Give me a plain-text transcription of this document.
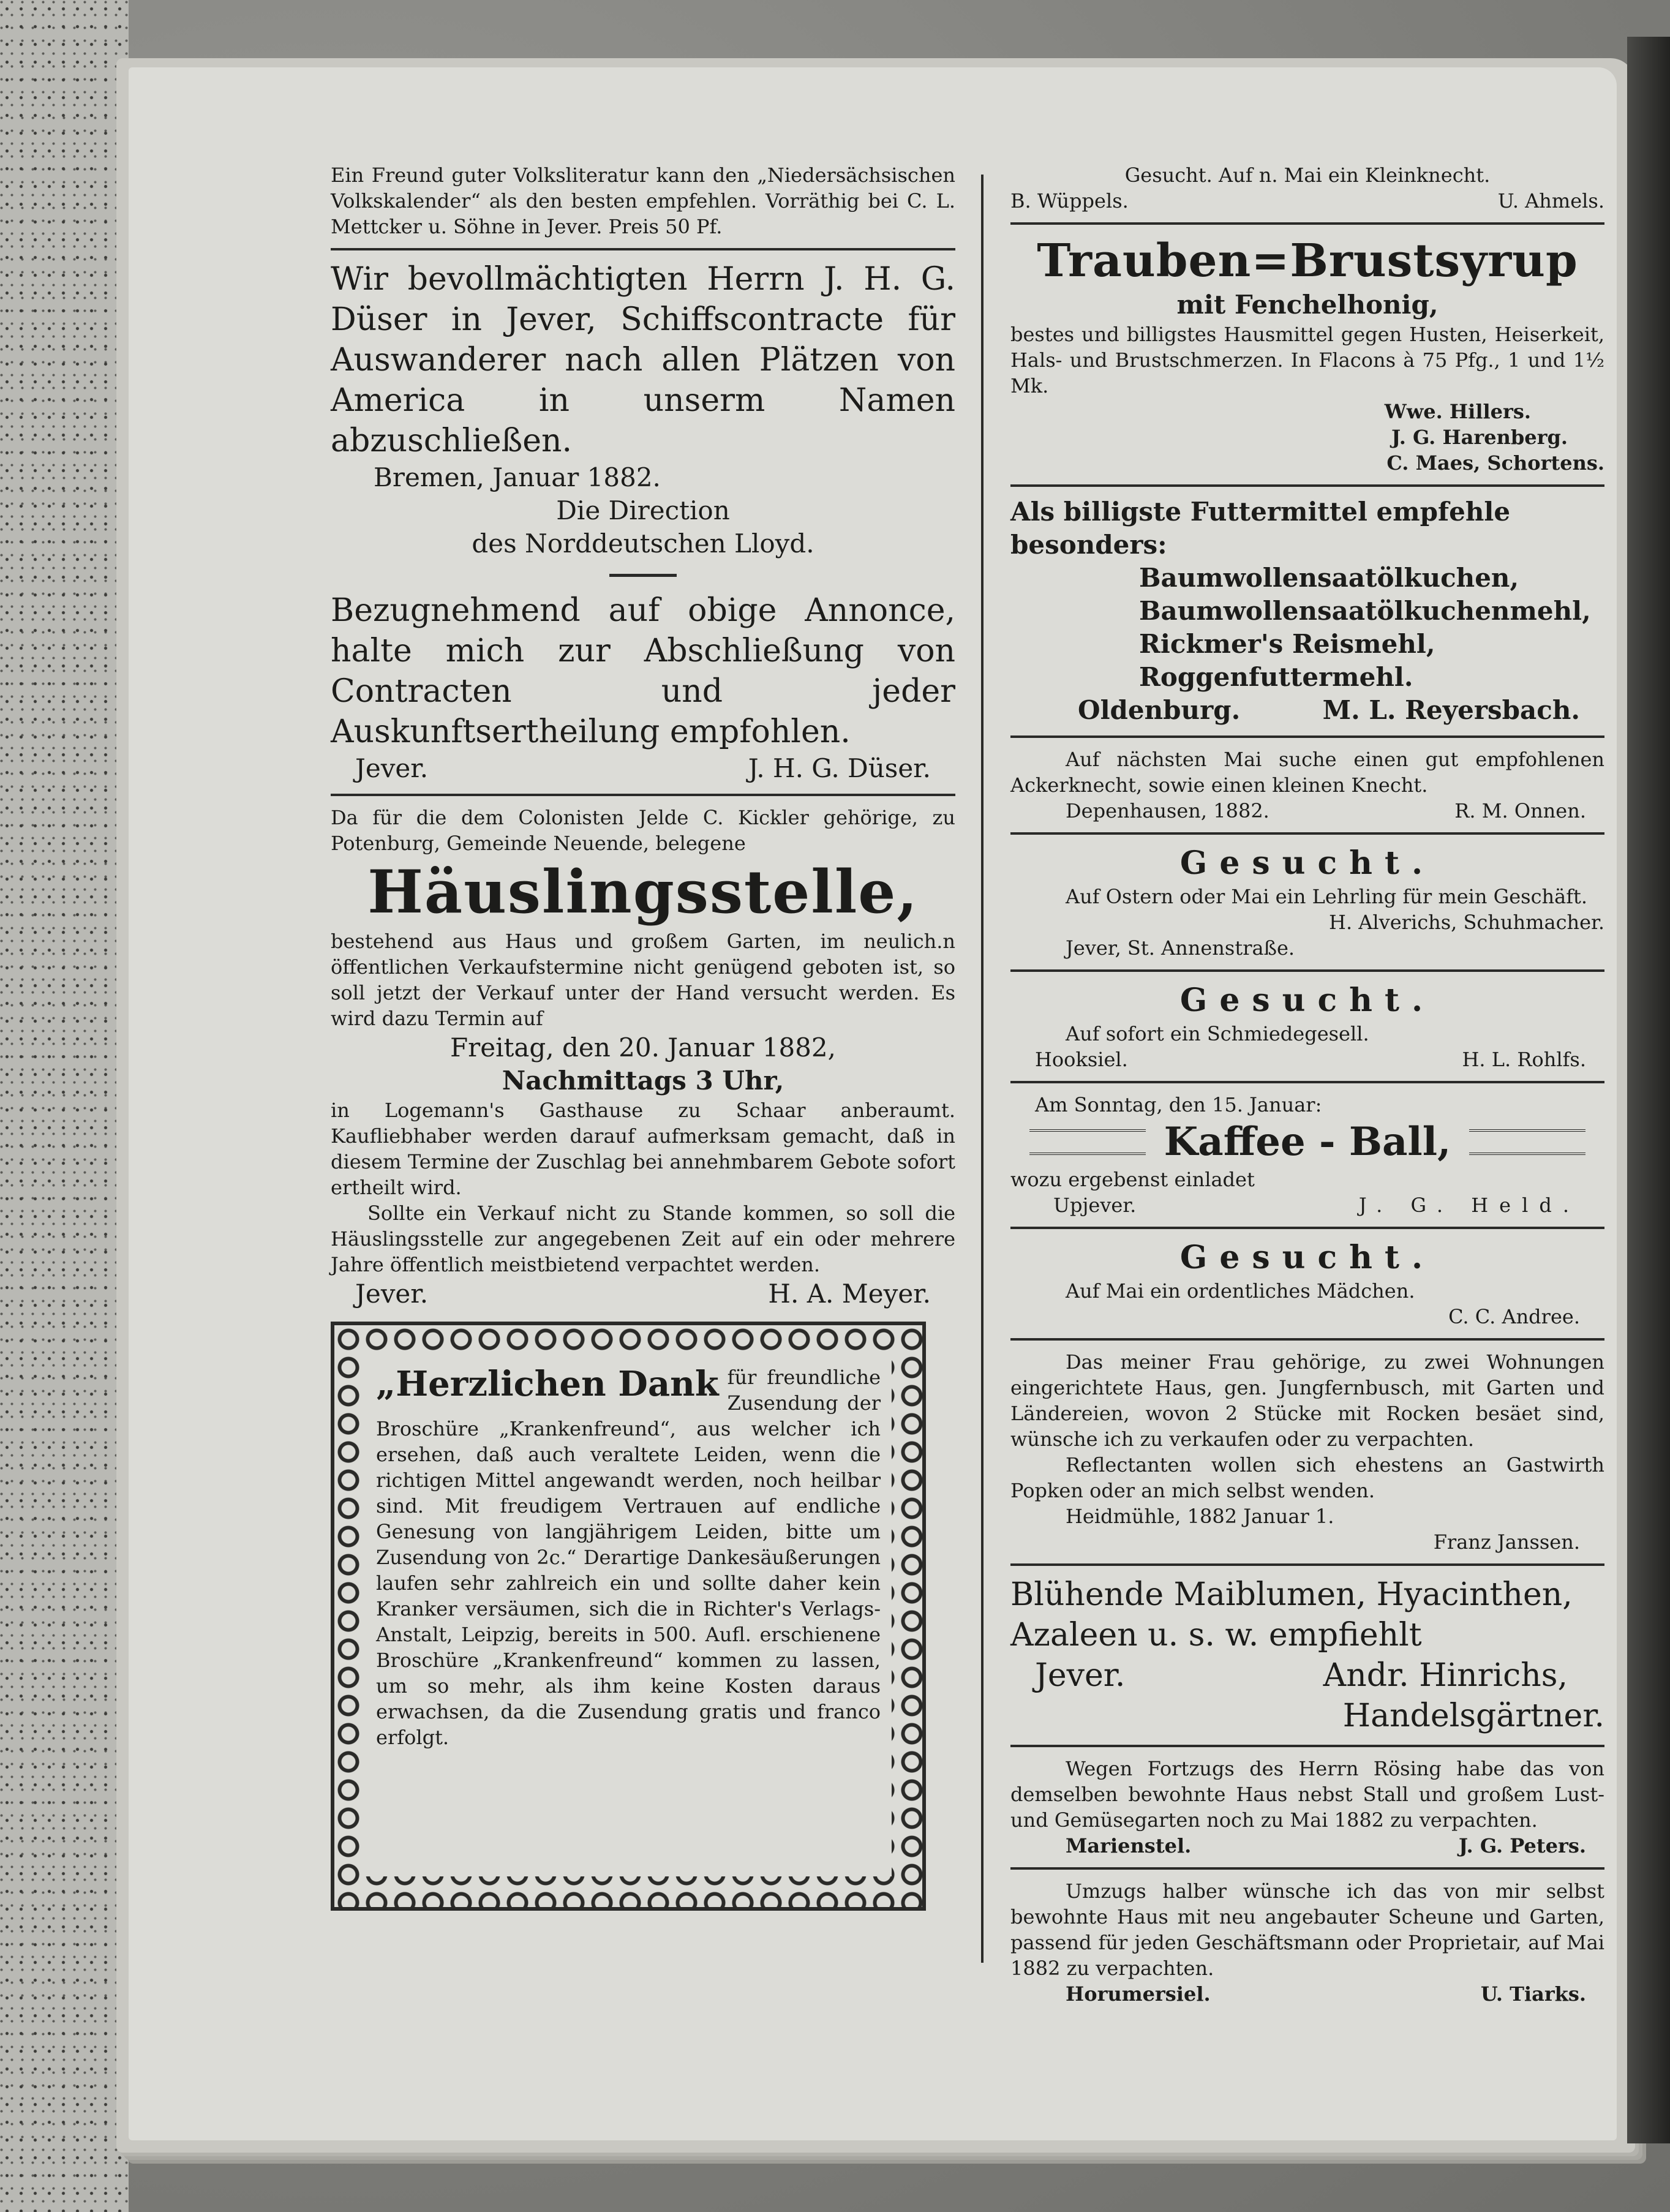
Ein Freund guter Volksliteratur kann den „Niedersächsischen Volkskalender“ als den besten empfehlen. Vorräthig bei C. L. Mettcker u. Söhne in Jever. Preis 50 Pf.

Wir bevollmächtigten Herrn J. H. G. Düser in Jever, Schiffscontracte für Auswanderer nach allen Plätzen von America in unserm Namen abzuschließen.

Bremen, Januar 1882.

Die Direction

des Norddeutschen Lloyd.

Bezugnehmend auf obige Annonce, halte mich zur Abschließung von Contracten und jeder Auskunftsertheilung empfohlen.

Jever.	J. H. G. Düser.

Da für die dem Colonisten Jelde C. Kickler gehörige, zu Potenburg, Gemeinde Neuende, belegene

Häuslingsstelle,

bestehend aus Haus und großem Garten, im neulich.n öffentlichen Verkaufstermine nicht genügend geboten ist, so soll jetzt der Verkauf unter der Hand versucht werden. Es wird dazu Termin auf

Freitag, den 20. Januar 1882,

Nachmittags 3 Uhr,

in Logemann's Gasthause zu Schaar anberaumt. Kaufliebhaber werden darauf aufmerksam gemacht, daß in diesem Termine der Zuschlag bei annehmbarem Gebote sofort ertheilt wird.

Sollte ein Verkauf nicht zu Stande kommen, so soll die Häuslingsstelle zur angegebenen Zeit auf ein oder mehrere Jahre öffentlich meistbietend verpachtet werden.

Jever.	H. A. Meyer.
„Herzlichen Dank für freundliche Zusendung der Broschüre „Krankenfreund“, aus welcher ich ersehen, daß auch veraltete Leiden, wenn die richtigen Mittel angewandt werden, noch heilbar sind. Mit freudigem Vertrauen auf endliche Genesung von langjährigem Leiden, bitte um Zusendung von 2c.“ Derartige Dankesäußerungen laufen sehr zahlreich ein und sollte daher kein Kranker versäumen, sich die in Richter's Verlags-Anstalt, Leipzig, bereits in 500. Aufl. erschienene Broschüre „Krankenfreund“ kommen zu lassen, um so mehr, als ihm keine Kosten daraus erwachsen, da die Zusendung gratis und franco erfolgt.

Gesucht. Auf n. Mai ein Kleinknecht.

B. Wüppels.	U. Ahmels.

Trauben=Brustsyrup

mit Fenchelhonig,

bestes und billigstes Hausmittel gegen Husten, Heiserkeit, Hals- und Brustschmerzen. In Flacons à 75 Pfg., 1 und 1½ Mk.

Wwe. Hillers.

J. G. Harenberg.

C. Maes, Schortens.

Als billigste Futtermittel empfehle besonders:

Baumwollensaatölkuchen,

Baumwollensaatölkuchenmehl,

Rickmer's Reismehl,

Roggenfuttermehl.

Oldenburg.	M. L. Reyersbach.

Auf nächsten Mai suche einen gut empfohlenen Ackerknecht, sowie einen kleinen Knecht.

Depenhausen, 1882.	R. M. Onnen.

Gesucht.

Auf Ostern oder Mai ein Lehrling für mein Geschäft.

H. Alverichs, Schuhmacher.

Jever, St. Annenstraße.

Gesucht.

Auf sofort ein Schmiedegesell.

Hooksiel.	H. L. Rohlfs.

Am Sonntag, den 15. Januar:

Kaffee - Ball,

wozu ergebenst einladet

Upjever.	J. G. Held.

Gesucht.

Auf Mai ein ordentliches Mädchen.

C. C. Andree.

Das meiner Frau gehörige, zu zwei Wohnungen eingerichtete Haus, gen. Jungfernbusch, mit Garten und Ländereien, wovon 2 Stücke mit Rocken besäet sind, wünsche ich zu verkaufen oder zu verpachten.

Reflectanten wollen sich ehestens an Gastwirth Popken oder an mich selbst wenden.

Heidmühle, 1882 Januar 1.

Franz Janssen.

Blühende Maiblumen, Hyacinthen,

Azaleen u. s. w. empfiehlt

Jever.	Andr. Hinrichs,

Handelsgärtner.

Wegen Fortzugs des Herrn Rösing habe das von demselben bewohnte Haus nebst Stall und großem Lust- und Gemüsegarten noch zu Mai 1882 zu verpachten.

Marienstel.	J. G. Peters.

Umzugs halber wünsche ich das von mir selbst bewohnte Haus mit neu angebauter Scheune und Garten, passend für jeden Geschäftsmann oder Proprietair, auf Mai 1882 zu verpachten.

Horumersiel.	U. Tiarks.
